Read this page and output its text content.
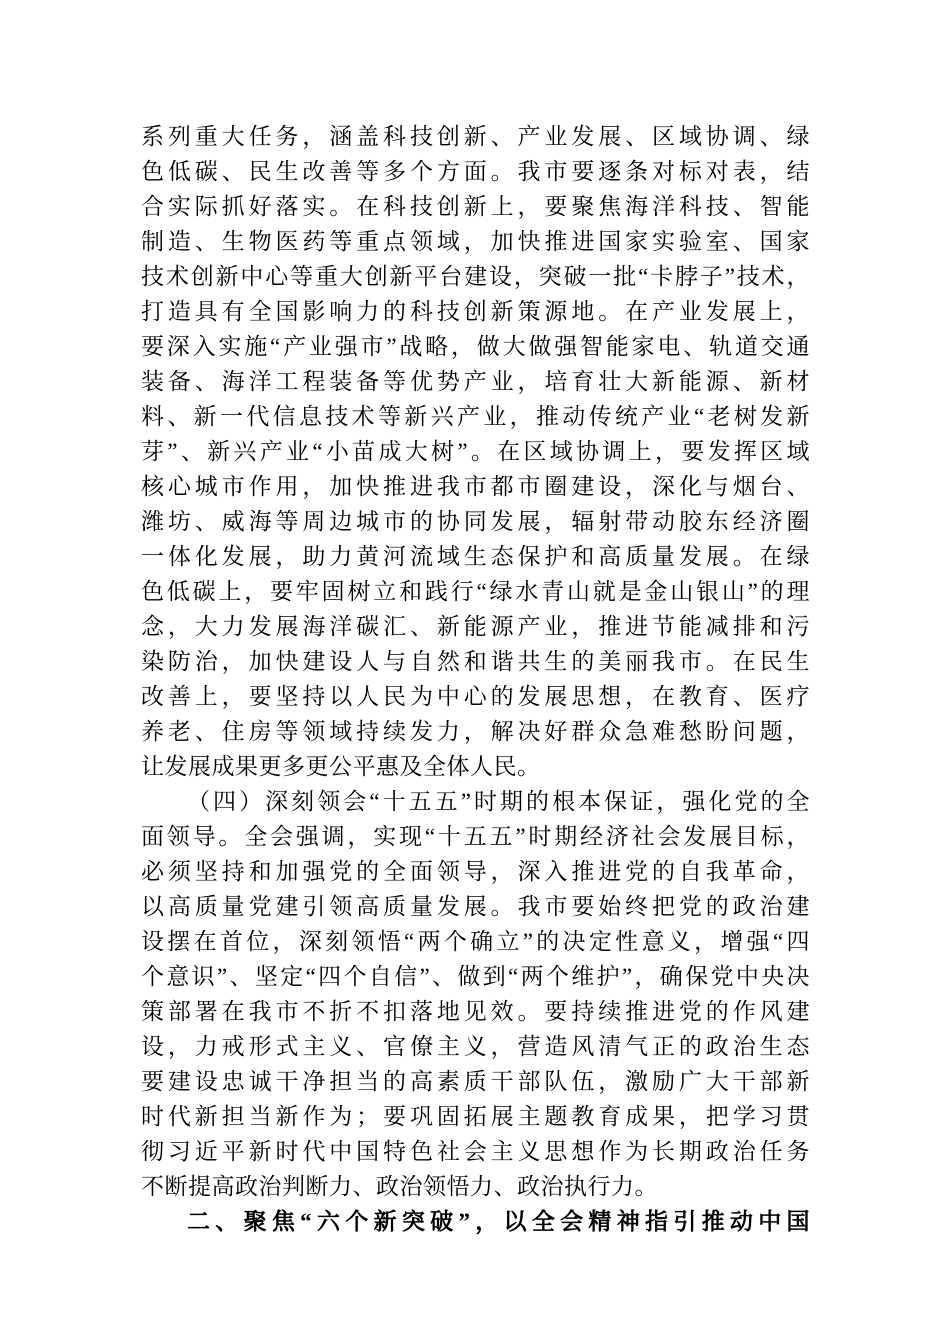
系列重大任务，涵盖科技创新、产业发展、区域协调、绿
色低碳、民生改善等多个方面。我市要逐条对标对表，结
合实际抓好落实。在科技创新上，要聚焦海洋科技、智能
制造、生物医药等重点领域，加快推进国家实验室、国家
技术创新中心等重大创新平台建设，突破一批“卡脖子”技术，
打造具有全国影响力的科技创新策源地。在产业发展上，
要深入实施“产业强市”战略，做大做强智能家电、轨道交通
装备、海洋工程装备等优势产业，培育壮大新能源、新材
料、新一代信息技术等新兴产业，推动传统产业“老树发新
芽”、新兴产业“小苗成大树”。在区域协调上，要发挥区域
核心城市作用，加快推进我市都市圈建设，深化与烟台、
潍坊、威海等周边城市的协同发展，辐射带动胶东经济圈
一体化发展，助力黄河流域生态保护和高质量发展。在绿
色低碳上，要牢固树立和践行“绿水青山就是金山银山”的理
念，大力发展海洋碳汇、新能源产业，推进节能减排和污
染防治，加快建设人与自然和谐共生的美丽我市。在民生
改善上，要坚持以人民为中心的发展思想，在教育、医疗
养老、住房等领域持续发力，解决好群众急难愁盼问题，
让发展成果更多更公平惠及全体人民。
（四）深刻领会“十五五”时期的根本保证，强化党的全
面领导。全会强调，实现“十五五”时期经济社会发展目标，
必须坚持和加强党的全面领导，深入推进党的自我革命，
以高质量党建引领高质量发展。我市要始终把党的政治建
设摆在首位，深刻领悟“两个确立”的决定性意义，增强“四
个意识”、坚定“四个自信”、做到“两个维护”，确保党中央决
策部署在我市不折不扣落地见效。要持续推进党的作风建
设，力戒形式主义、官僚主义，营造风清气正的政治生态
要建设忠诚干净担当的高素质干部队伍，激励广大干部新
时代新担当新作为；要巩固拓展主题教育成果，把学习贯
彻习近平新时代中国特色社会主义思想作为长期政治任务
不断提高政治判断力、政治领悟力、政治执行力。
二、聚焦“六个新突破”，以全会精神指引推动中国
